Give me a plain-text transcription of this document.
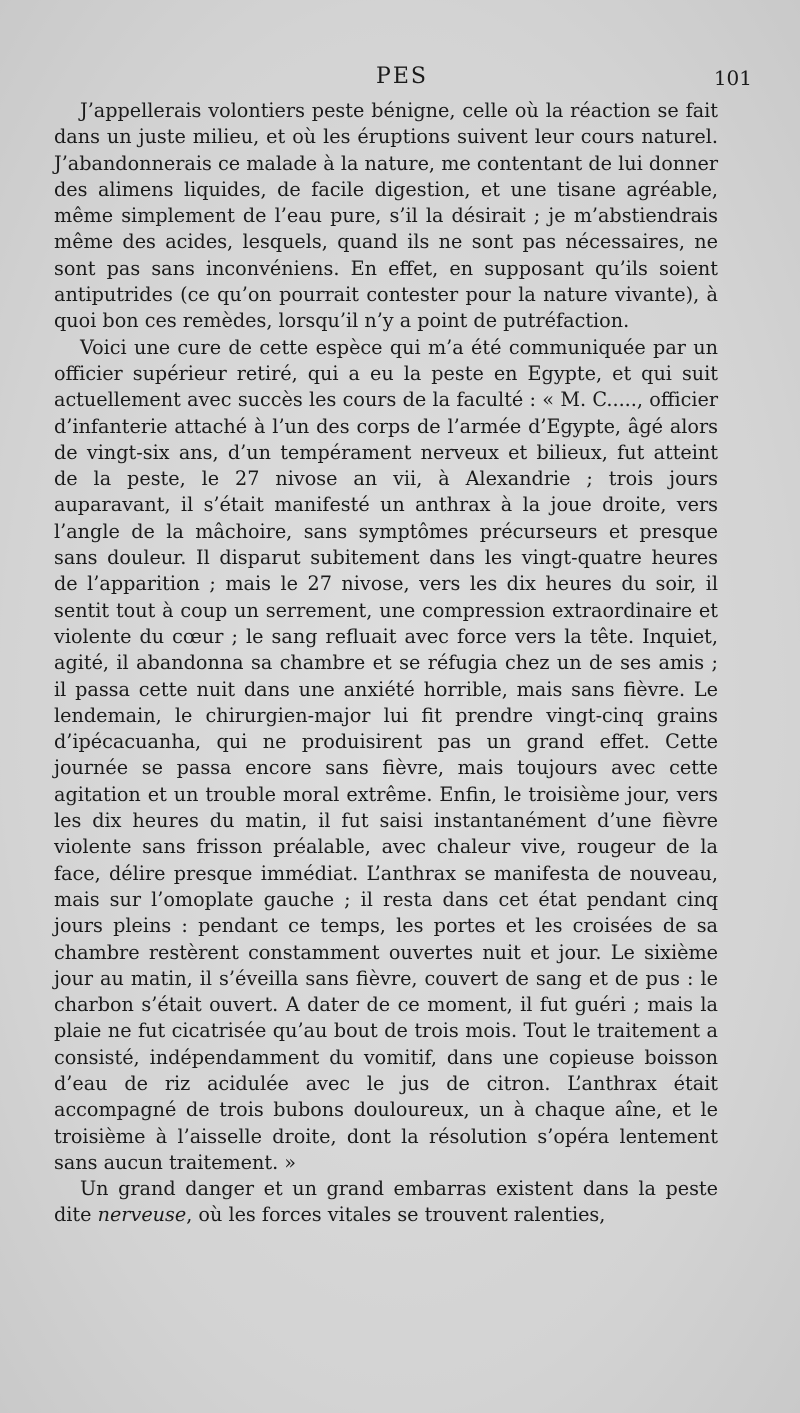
PES	101

J’appellerais volontiers peste bénigne, celle où la réaction se fait dans un juste milieu, et où les éruptions suivent leur cours naturel. J’abandonnerais ce malade à la nature, me contentant de lui donner des alimens liquides, de facile digestion, et une tisane agréable, même simplement de l’eau pure, s’il la désirait ; je m’abstiendrais même des acides, lesquels, quand ils ne sont pas nécessaires, ne sont pas sans inconvéniens. En effet, en supposant qu’ils soient antiputrides (ce qu’on pourrait contester pour la nature vivante), à quoi bon ces remèdes, lorsqu’il n’y a point de putréfaction.

Voici une cure de cette espèce qui m’a été communiquée par un officier supérieur retiré, qui a eu la peste en Egypte, et qui suit actuellement avec succès les cours de la faculté : « M. C....., officier d’infanterie attaché à l’un des corps de l’armée d’Egypte, âgé alors de vingt-six ans, d’un tempérament nerveux et bilieux, fut atteint de la peste, le 27 nivose an vii, à Alexandrie ; trois jours auparavant, il s’était manifesté un anthrax à la joue droite, vers l’angle de la mâchoire, sans symptômes précurseurs et presque sans douleur. Il disparut subitement dans les vingt-quatre heures de l’apparition ; mais le 27 nivose, vers les dix heures du soir, il sentit tout à coup un serrement, une compression extraordinaire et violente du cœur ; le sang refluait avec force vers la tête. Inquiet, agité, il abandonna sa chambre et se réfugia chez un de ses amis ; il passa cette nuit dans une anxiété horrible, mais sans fièvre. Le lendemain, le chirurgien-major lui fit prendre vingt-cinq grains d’ipécacuanha, qui ne produisirent pas un grand effet. Cette journée se passa encore sans fièvre, mais toujours avec cette agitation et un trouble moral extrême. Enfin, le troisième jour, vers les dix heures du matin, il fut saisi instantanément d’une fièvre violente sans frisson préalable, avec chaleur vive, rougeur de la face, délire presque immédiat. L’anthrax se manifesta de nouveau, mais sur l’omoplate gauche ; il resta dans cet état pendant cinq jours pleins : pendant ce temps, les portes et les croisées de sa chambre restèrent constamment ouvertes nuit et jour. Le sixième jour au matin, il s’éveilla sans fièvre, couvert de sang et de pus : le charbon s’était ouvert. A dater de ce moment, il fut guéri ; mais la plaie ne fut cicatrisée qu’au bout de trois mois. Tout le traitement a consisté, indépendamment du vomitif, dans une copieuse boisson d’eau de riz acidulée avec le jus de citron. L’anthrax était accompagné de trois bubons douloureux, un à chaque aîne, et le troisième à l’aisselle droite, dont la résolution s’opéra lentement sans aucun traitement. »

Un grand danger et un grand embarras existent dans la peste dite nerveuse, où les forces vitales se trouvent ralenties,
